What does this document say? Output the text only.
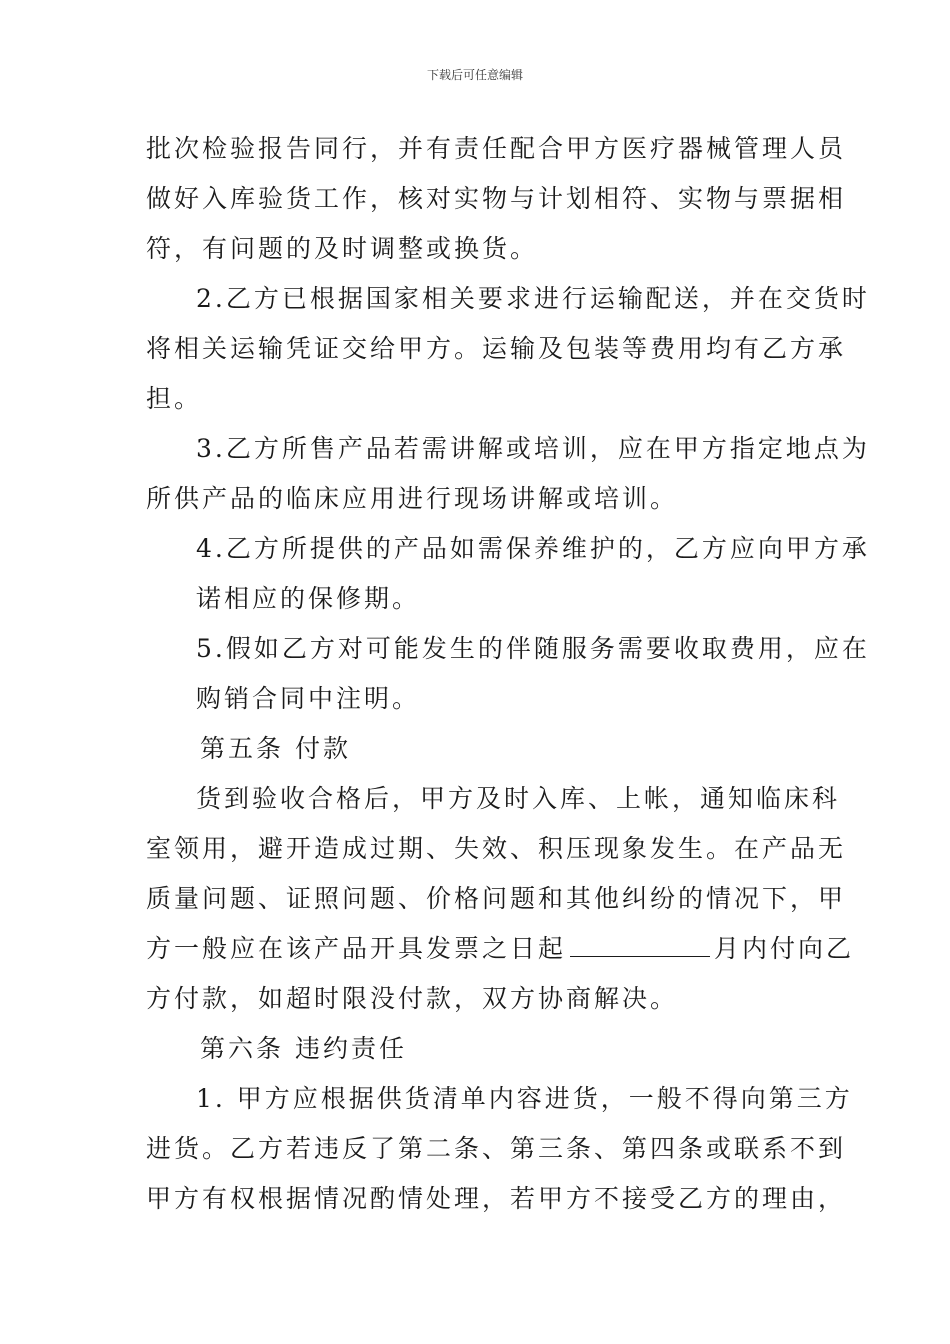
下载后可任意编辑
批次检验报告同行，并有责任配合甲方医疗器械管理人员
做好入库验货工作，核对实物与计划相符、实物与票据相
符，有问题的及时调整或换货。
2.乙方已根据国家相关要求进行运输配送，并在交货时
将相关运输凭证交给甲方。运输及包装等费用均有乙方承
担。
3.乙方所售产品若需讲解或培训，应在甲方指定地点为
所供产品的临床应用进行现场讲解或培训。
4.乙方所提供的产品如需保养维护的，乙方应向甲方承
诺相应的保修期。
5.假如乙方对可能发生的伴随服务需要收取费用，应在
购销合同中注明。
第五条 付款
货到验收合格后，甲方及时入库、上帐，通知临床科
室领用，避开造成过期、失效、积压现象发生。在产品无
质量问题、证照问题、价格问题和其他纠纷的情况下，甲
方一般应在该产品开具发票之日起	月内付向乙
方付款，如超时限没付款，双方协商解决。
第六条 违约责任
1. 甲方应根据供货清单内容进货，一般不得向第三方
进货。乙方若违反了第二条、第三条、第四条或联系不到
甲方有权根据情况酌情处理，若甲方不接受乙方的理由，
